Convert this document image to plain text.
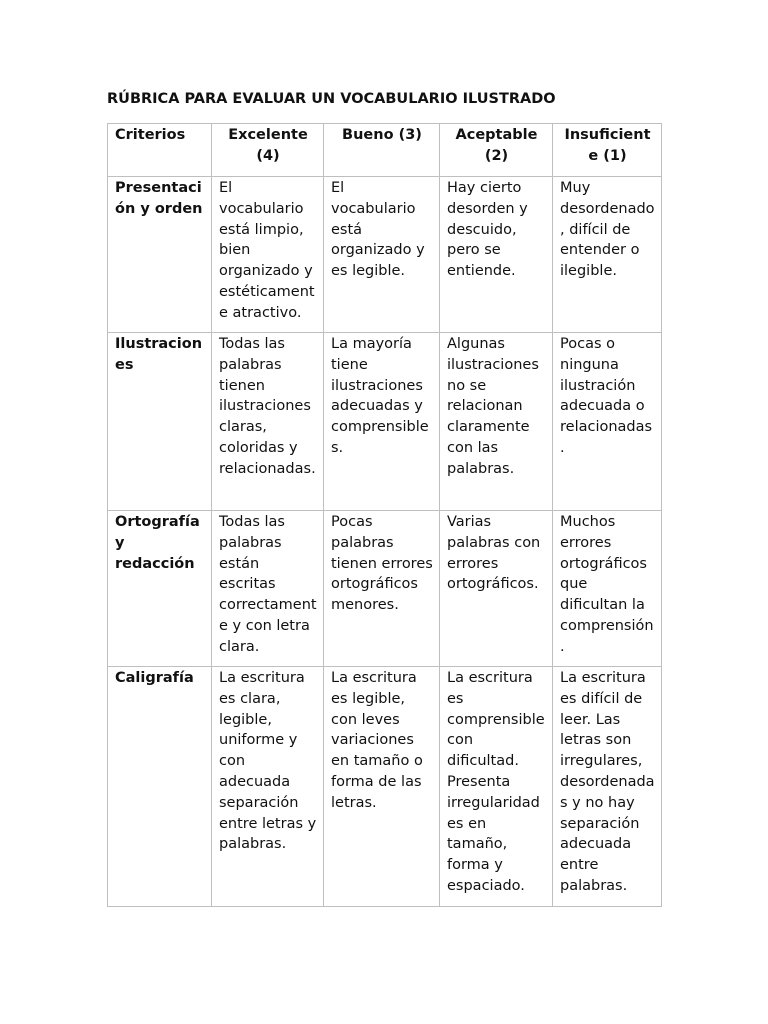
RÚBRICA PARA EVALUAR UN VOCABULARIO ILUSTRADO
Criterios	Excelente (4)	Bueno (3)	Aceptable (2)	Insuficiente (1)

Presentación y orden	El vocabulario está limpio, bien organizado y estéticamente atractivo.	El vocabulario está organizado y es legible.	Hay cierto desorden y descuido, pero se entiende.	Muy desordenado, difícil de entender o ilegible.

Ilustraciones	Todas las palabras tienen ilustraciones claras, coloridas y relacionadas.	La mayoría tiene ilustraciones adecuadas y comprensibles.	Algunas ilustraciones no se relacionan claramente con las palabras.	Pocas o ninguna ilustración adecuada o relacionadas.

Ortografía y redacción	Todas las palabras están escritas correctamente y con letra clara.	Pocas palabras tienen errores ortográficos menores.	Varias palabras con errores ortográficos.	Muchos errores ortográficos que dificultan la comprensión.

Caligrafía	La escritura es clara, legible, uniforme y con adecuada separación entre letras y palabras.	La escritura es legible, con leves variaciones en tamaño o forma de las letras.	La escritura es comprensible con dificultad. Presenta irregularidades en tamaño, forma y espaciado.	La escritura es difícil de leer. Las letras son irregulares, desordenadas y no hay separación adecuada entre palabras.
